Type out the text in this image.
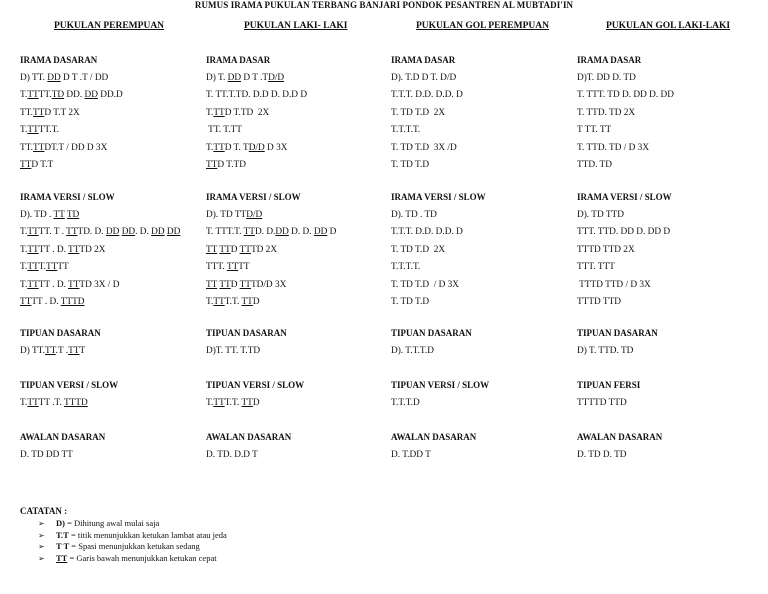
RUMUS IRAMA PUKULAN TERBANG BANJARI PONDOK PESANTREN AL MUBTADI'IN
PUKULAN PEREMPUAN
IRAMA DASARAN
D) TT. DD D T .T / DD
T.TTTT.TD DD. DD DD.D
TT.TTD T.T 2X
T.TTTT.T.
TT.TTDT.T / DD D 3X
TTD T.T
IRAMA VERSI / SLOW
D). TD . TT TD
T.TTTT. T . TTTD. D. DD DD. D. DD DD
T.TTTT . D. TTTD 2X
T.TTT.TTTT
T.TTTT . D. TTTD 3X / D
TTTT . D. TTTD
TIPUAN DASARAN
D) TT.TT.T .TTT
TIPUAN VERSI / SLOW
T.TTTT .T. TTTD
AWALAN DASARAN
D. TD DD TT
PUKULAN LAKI- LAKI
IRAMA DASAR
D) T. DD D T .TD/D
T. TT.T.TD. D.D D. D.D D
T.TTD T.TD  2X
TT. T.TT
T.TTD T. TD/D D 3X
TTD T.TD
IRAMA VERSI / SLOW
D). TD TTD/D
T. TTT.T. TTD. D.DD D. D. DD D
TT TTD TTTD 2X
TTT. TTTT
TT TTD TTTD/D 3X
T.TTT.T. TTD
TIPUAN DASARAN
D)T. TT. T.TD
TIPUAN VERSI / SLOW
T.TTT.T. TTD
AWALAN DASARAN
D. TD. D.D T
PUKULAN GOL PEREMPUAN
IRAMA DASAR
D). T.D D T. D/D
T.T.T. D.D. D.D. D
T. TD T.D  2X
T.T.T.T.
T. TD T.D  3X /D
T. TD T.D
IRAMA VERSI / SLOW
D). TD . TD
T.T.T. D.D. D.D. D
T. TD T.D  2X
T.T.T.T.
T. TD T.D  / D 3X
T. TD T.D
TIPUAN DASARAN
D). T.T.T.D
TIPUAN VERSI / SLOW
T.T.T.D
AWALAN DASARAN
D. T.DD T
PUKULAN GOL LAKI-LAKI
IRAMA DASAR
D)T. DD D. TD
T. TTT. TD D. DD D. DD
T. TTD. TD 2X
T TT. TT
T. TTD. TD / D 3X
TTD. TD
IRAMA VERSI / SLOW
D). TD TTD
TTT. TTD. DD D. DD D
TTTD TTD 2X
TTT. TTT
TTTD TTD / D 3X
TTTD TTD
TIPUAN DASARAN
D) T. TTD. TD
TIPUAN FERSI
TTTTD TTD
AWALAN DASARAN
D. TD D. TD
CATATAN :
➢ D) = Dihitung awal mulai saja
➢ T.T = titik menunjukkan ketukan lambat atau jeda
➢ T T = Spasi menunjukkan ketukan sedang
➢ TT = Garis bawah menunjukkan ketukan cepat
